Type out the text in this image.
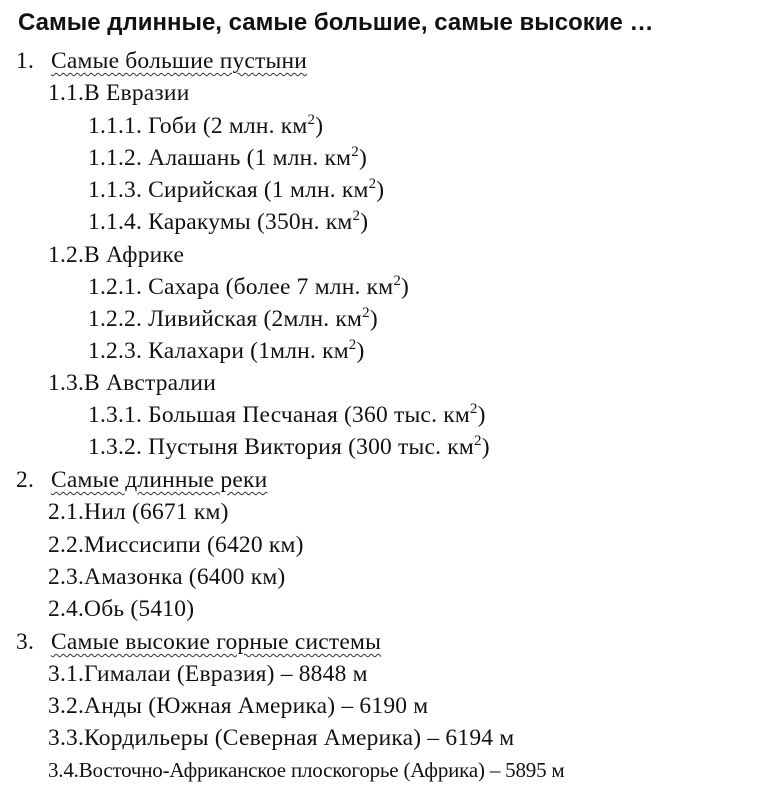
Самые длинные, самые большие, самые высокие …
1. Самые большие пустыни
1.1.В Евразии
1.1.1. Гоби (2 млн. $км^2$)
1.1.2. Алашань (1 млн. $км^2$)
1.1.3. Сирийская (1 млн. $км^2$)
1.1.4. Каракумы (350н. $км^2$)
1.2.В Африке
1.2.1. Сахара (более 7 млн. $км^2$)
1.2.2. Ливийская (2млн. $км^2$)
1.2.3. Калахари (1млн. $км^2$)
1.3.В Австралии
1.3.1. Большая Песчаная (360 тыс. $км^2$)
1.3.2. Пустыня Виктория (300 тыс. $км^2$)
2. Самые длинные реки
2.1.Нил (6671 км)
2.2.Миссисипи (6420 км)
2.3.Амазонка (6400 км)
2.4.Обь (5410)
3. Самые высокие горные системы
3.1.Гималаи (Евразия) – 8848 м
3.2.Анды (Южная Америка) – 6190 м
3.3.Кордильеры (Северная Америка) – 6194 м
3.4.Восточно-Африканское плоскогорье (Африка) – 5895 м
